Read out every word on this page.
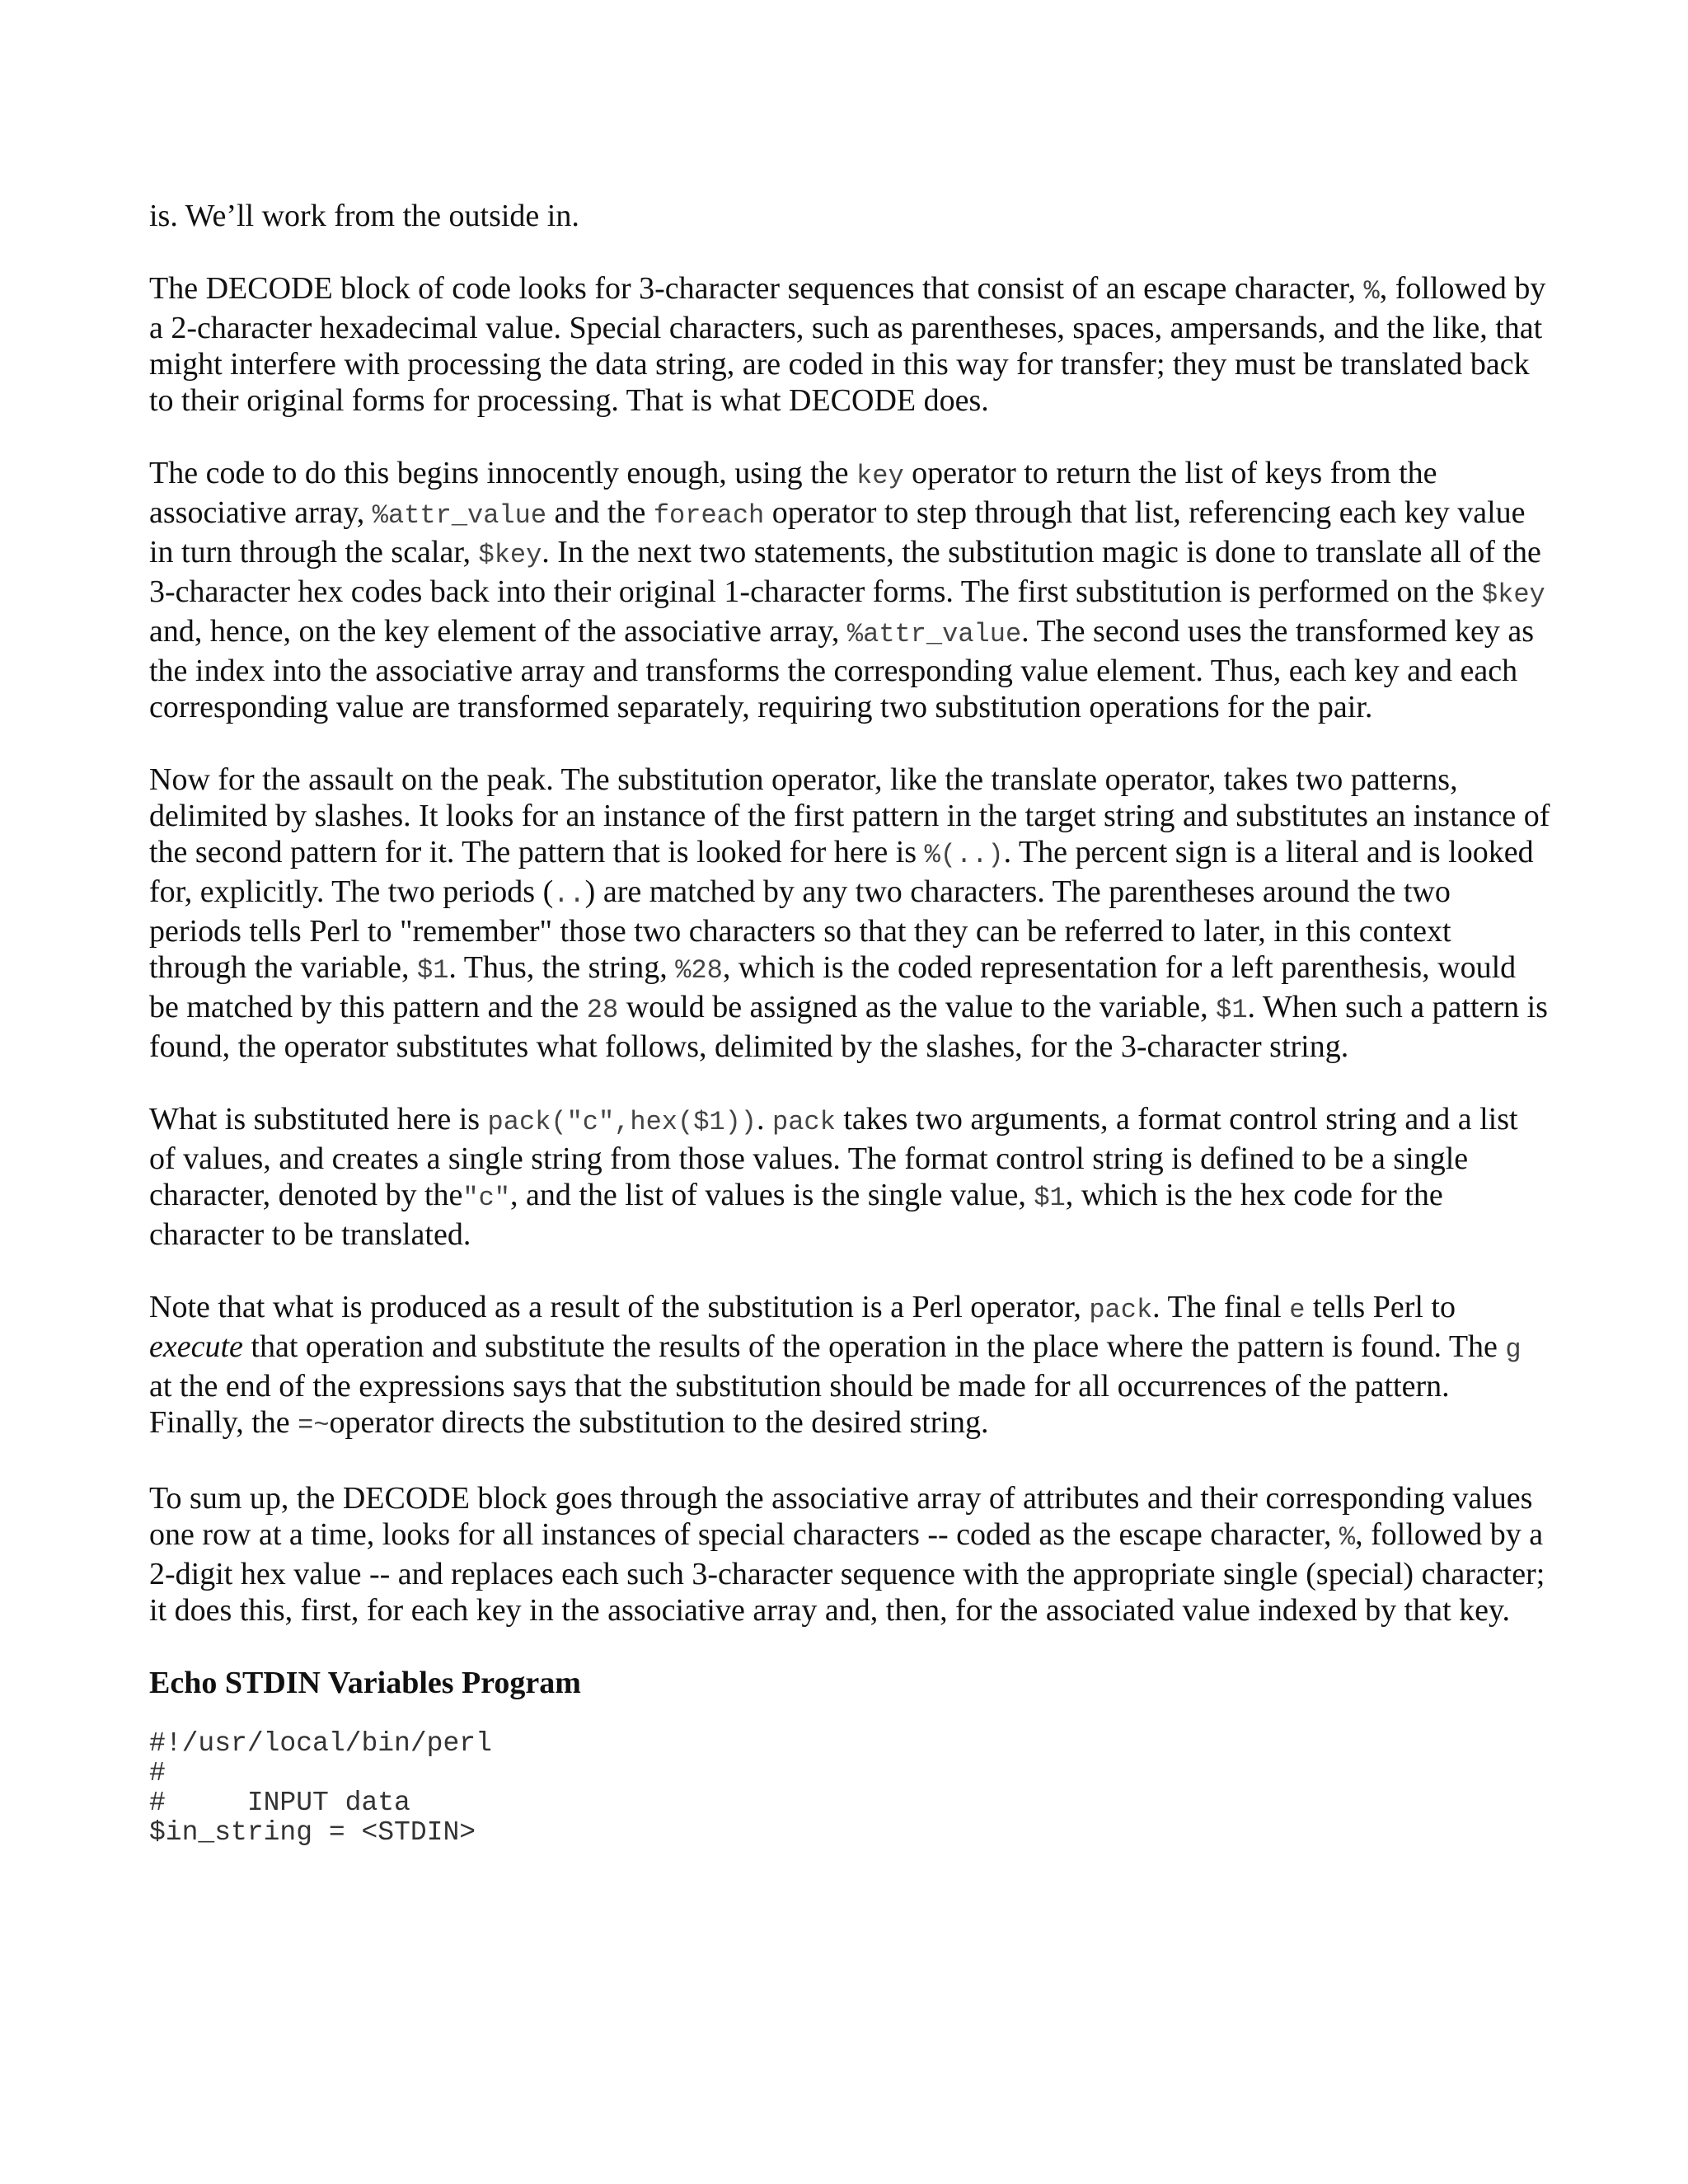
is. We’ll work from the outside in.

The DECODE block of code looks for 3-character sequences that consist of an escape character, %, followed by a 2-character hexadecimal value. Special characters, such as parentheses, spaces, ampersands, and the like, that might interfere with processing the data string, are coded in this way for transfer; they must be translated back to their original forms for processing. That is what DECODE does.

The code to do this begins innocently enough, using the key operator to return the list of keys from the associative array, %attr_value and the foreach operator to step through that list, referencing each key value in turn through the scalar, $key. In the next two statements, the substitution magic is done to translate all of the 3-character hex codes back into their original 1-character forms. The first substitution is performed on the $key and, hence, on the key element of the associative array, %attr_value. The second uses the transformed key as the index into the associative array and transforms the corresponding value element. Thus, each key and each corresponding value are transformed separately, requiring two substitution operations for the pair.

Now for the assault on the peak. The substitution operator, like the translate operator, takes two patterns, delimited by slashes. It looks for an instance of the first pattern in the target string and substitutes an instance of the second pattern for it. The pattern that is looked for here is %(..). The percent sign is a literal and is looked for, explicitly. The two periods (..) are matched by any two characters. The parentheses around the two periods tells Perl to "remember" those two characters so that they can be referred to later, in this context through the variable, $1. Thus, the string, %28, which is the coded representation for a left parenthesis, would be matched by this pattern and the 28 would be assigned as the value to the variable, $1. When such a pattern is found, the operator substitutes what follows, delimited by the slashes, for the 3-character string.

What is substituted here is pack("c",hex($1)). pack takes two arguments, a format control string and a list of values, and creates a single string from those values. The format control string is defined to be a single character, denoted by the"c", and the list of values is the single value, $1, which is the hex code for the character to be translated.

Note that what is produced as a result of the substitution is a Perl operator, pack. The final e tells Perl to execute that operation and substitute the results of the operation in the place where the pattern is found. The g at the end of the expressions says that the substitution should be made for all occurrences of the pattern. Finally, the =~operator directs the substitution to the desired string.

To sum up, the DECODE block goes through the associative array of attributes and their corresponding values one row at a time, looks for all instances of special characters -- coded as the escape character, %, followed by a 2-digit hex value -- and replaces each such 3-character sequence with the appropriate single (special) character; it does this, first, for each key in the associative array and, then, for the associated value indexed by that key.

Echo STDIN Variables Program
#!/usr/local/bin/perl
#
#     INPUT data
$in_string = <STDIN>
